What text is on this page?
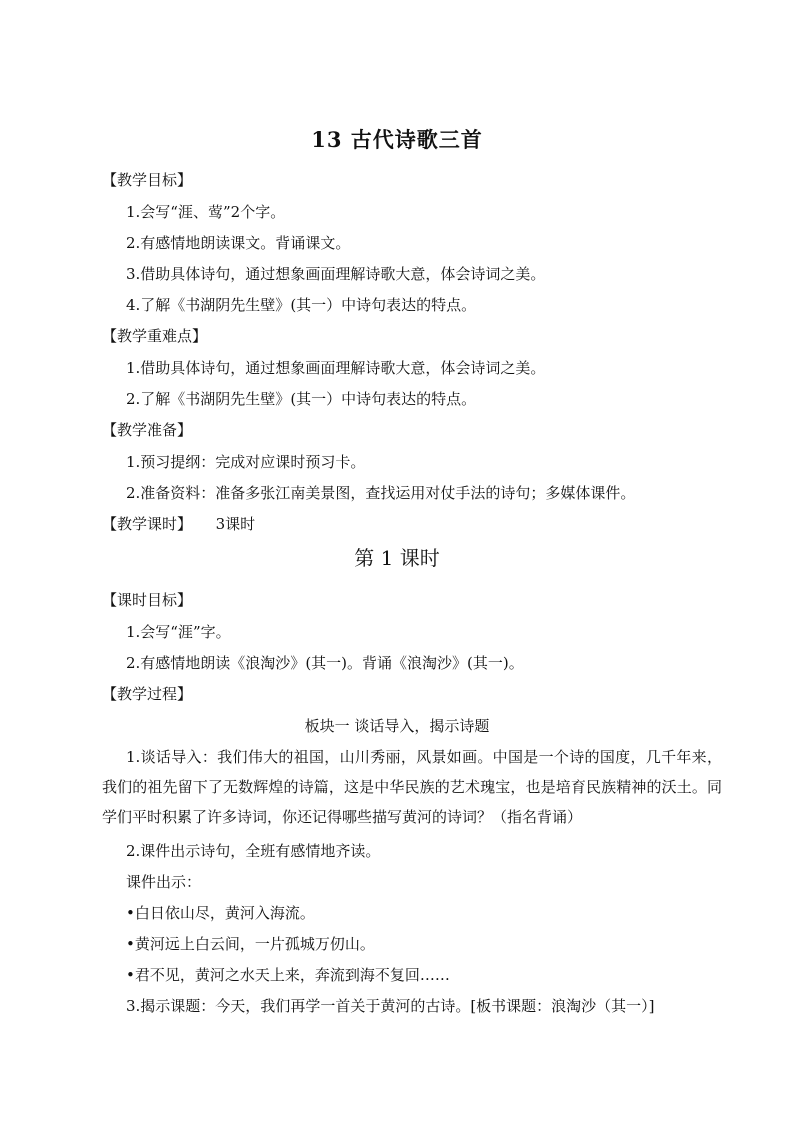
13 古代诗歌三首
【教学目标】
1.会写“涯、莺”2个字。
2.有感情地朗读课文。背诵课文。
3.借助具体诗句，通过想象画面理解诗歌大意，体会诗词之美。
4.了解《书湖阴先生壁》(其一）中诗句表达的特点。
【教学重难点】
1.借助具体诗句，通过想象画面理解诗歌大意，体会诗词之美。
2.了解《书湖阴先生壁》(其一）中诗句表达的特点。
【教学准备】
1.预习提纲：完成对应课时预习卡。
2.准备资料：准备多张江南美景图，查找运用对仗手法的诗句；多媒体课件。
【教学课时】 3课时
第 1 课时
【课时目标】
1.会写“涯”字。
2.有感情地朗读《浪淘沙》(其一)。背诵《浪淘沙》(其一)。
【教学过程】
板块一 谈话导入，揭示诗题
1.谈话导入：我们伟大的祖国，山川秀丽，风景如画。中国是一个诗的国度，几千年来，我们的祖先留下了无数辉煌的诗篇，这是中华民族的艺术瑰宝，也是培育民族精神的沃土。同学们平时积累了许多诗词，你还记得哪些描写黄河的诗词？（指名背诵）
2.课件出示诗句，全班有感情地齐读。
课件出示：
•白日依山尽，黄河入海流。
•黄河远上白云间，一片孤城万仞山。
•君不见，黄河之水天上来，奔流到海不复回……
3.揭示课题：今天，我们再学一首关于黄河的古诗。[板书课题：浪淘沙（其一）]
